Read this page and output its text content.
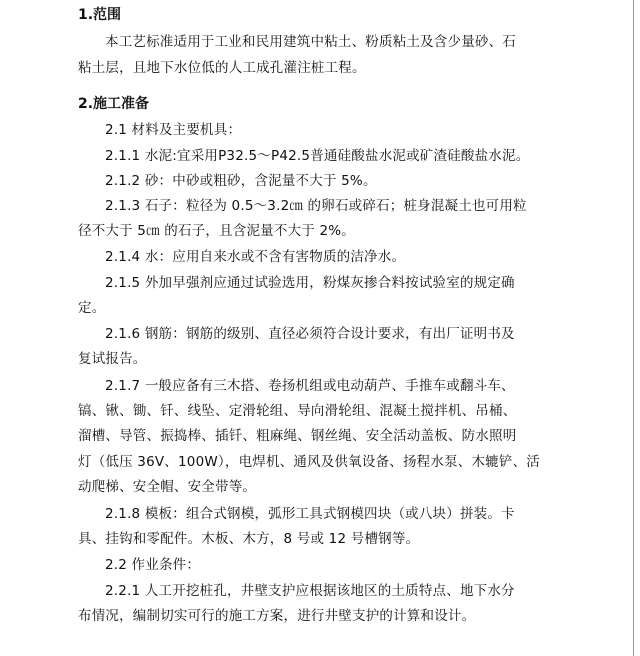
1.范围
本工艺标准适用于工业和民用建筑中粘土、粉质粘土及含少量砂、石
粘土层，且地下水位低的人工成孔灌注桩工程。
2.施工准备
2.1 材料及主要机具：
2.1.1 水泥:宜采用P32.5～P42.5普通硅酸盐水泥或矿渣硅酸盐水泥。
2.1.2 砂：中砂或粗砂，含泥量不大于 5%。
2.1.3 石子：粒径为 0.5～3.2㎝ 的卵石或碎石；桩身混凝土也可用粒
径不大于 5㎝ 的石子，且含泥量不大于 2%。
2.1.4 水：应用自来水或不含有害物质的洁净水。
2.1.5 外加早强剂应通过试验选用，粉煤灰掺合料按试验室的规定确
定。
2.1.6 钢筋：钢筋的级别、直径必须符合设计要求，有出厂证明书及
复试报告。
2.1.7 一般应备有三木搭、卷扬机组或电动葫芦、手推车或翻斗车、
镐、锹、锄、钎、线坠、定滑轮组、导向滑轮组、混凝土搅拌机、吊桶、
溜槽、导管、振捣棒、插钎、粗麻绳、钢丝绳、安全活动盖板、防水照明
灯（低压 36V、100W），电焊机、通风及供氧设备、扬程水泵、木辘铲、活
动爬梯、安全帽、安全带等。
2.1.8 模板：组合式钢模，弧形工具式钢模四块（或八块）拼装。卡
具、挂钩和零配件。木板、木方，8 号或 12 号槽钢等。
2.2 作业条件：
2.2.1 人工开挖桩孔，井壁支护应根据该地区的土质特点、地下水分
布情况，编制切实可行的施工方案，进行井壁支护的计算和设计。
